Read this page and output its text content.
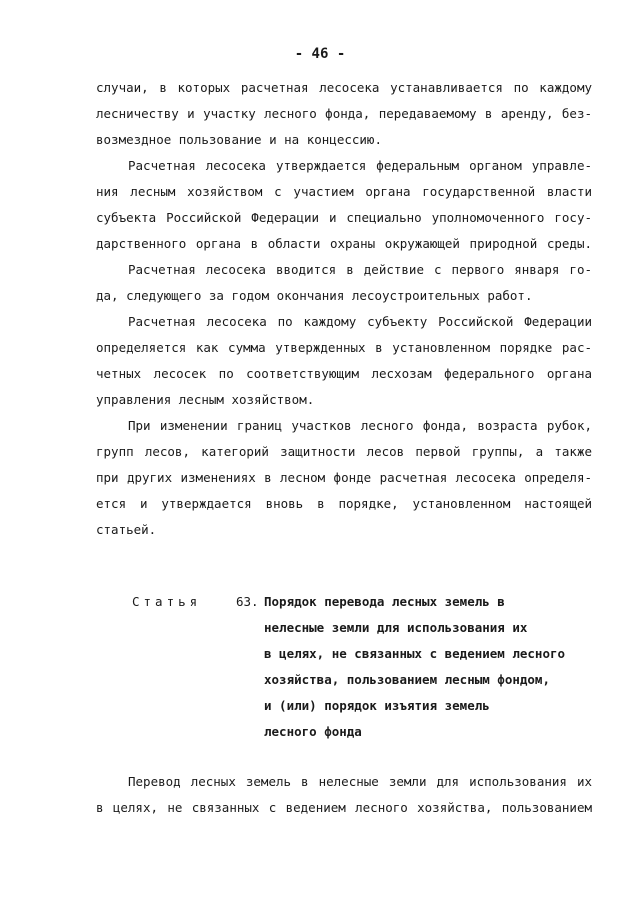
- 46 -
случаи, в которых расчетная лесосека устанавливается по каждому
лесничеству и участку лесного фонда, передаваемому в аренду, без-
возмездное пользование и на концессию.
Расчетная лесосека утверждается федеральным органом управле-
ния лесным хозяйством с участием органа государственной власти
субъекта Российской Федерации и специально уполномоченного госу-
дарственного органа в области охраны окружающей природной среды.
Расчетная лесосека вводится в действие с первого января го-
да, следующего за годом окончания лесоустроительных работ.
Расчетная лесосека по каждому субъекту Российской Федерации
определяется как сумма утвержденных в установленном порядке рас-
четных лесосек по соответствующим лесхозам федерального органа
управления лесным хозяйством.
При изменении границ участков лесного фонда, возраста рубок,
групп лесов, категорий защитности лесов первой группы, а также
при других изменениях в лесном фонде расчетная лесосека определя-
ется и утверждается вновь в порядке, установленном настоящей
статьей.
Статья	63. Порядок перевода лесных земель в
нелесные земли для использования их
в целях, не связанных с ведением лесного
хозяйства, пользованием лесным фондом,
и (или) порядок изъятия земель
лесного фонда
Перевод лесных земель в нелесные земли для использования их
в целях, не связанных с ведением лесного хозяйства, пользованием
